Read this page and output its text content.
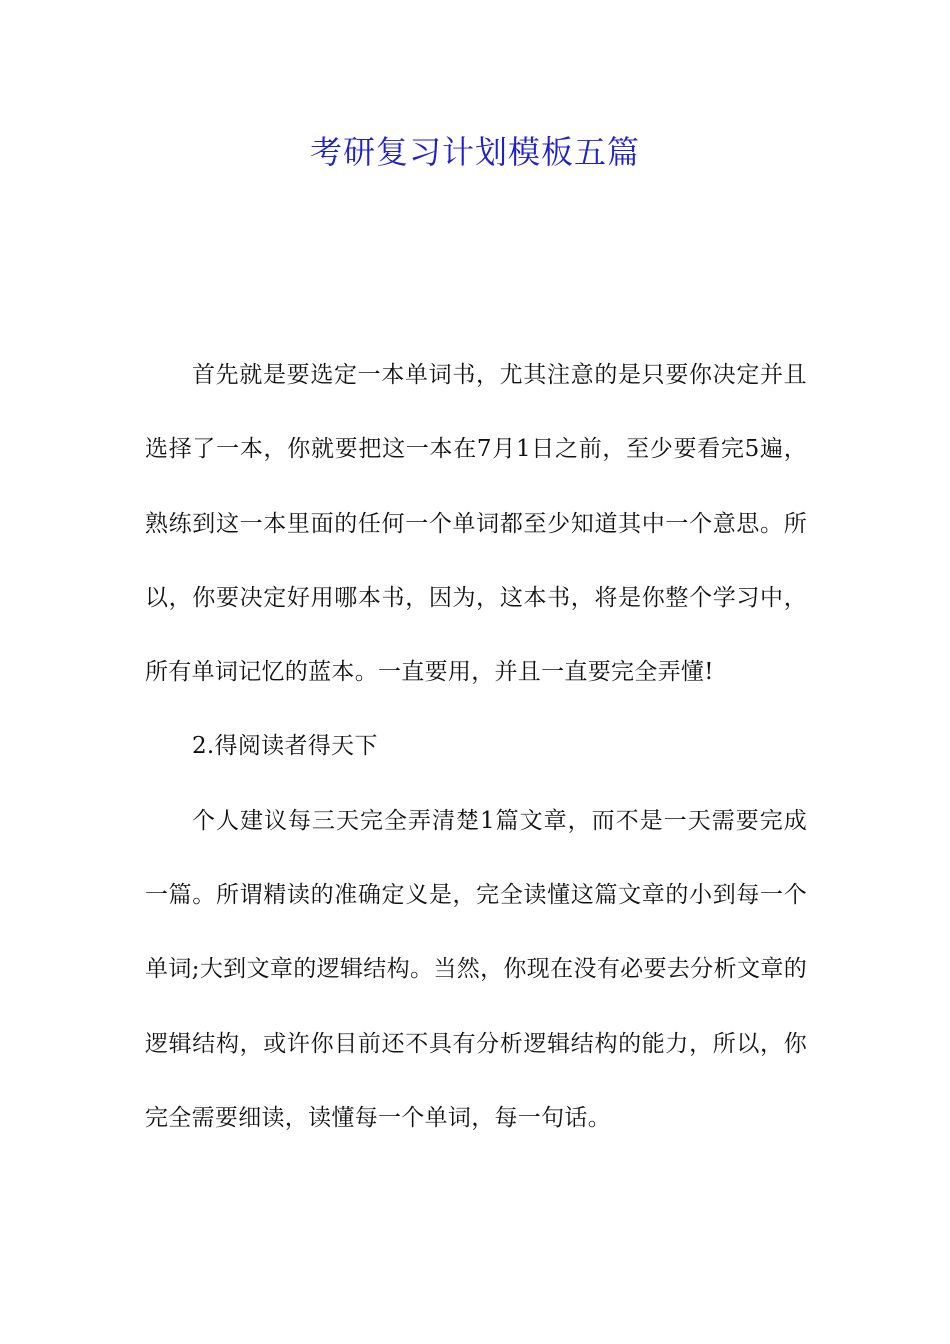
考研复习计划模板五篇

首先就是要选定一本单词书，尤其注意的是只要你决定并且选择了一本，你就要把这一本在7月1日之前，至少要看完5遍，熟练到这一本里面的任何一个单词都至少知道其中一个意思。所以，你要决定好用哪本书，因为，这本书，将是你整个学习中，所有单词记忆的蓝本。一直要用，并且一直要完全弄懂!

2.得阅读者得天下

个人建议每三天完全弄清楚1篇文章，而不是一天需要完成一篇。所谓精读的准确定义是，完全读懂这篇文章的小到每一个单词;大到文章的逻辑结构。当然，你现在没有必要去分析文章的逻辑结构，或许你目前还不具有分析逻辑结构的能力，所以，你完全需要细读，读懂每一个单词，每一句话。
